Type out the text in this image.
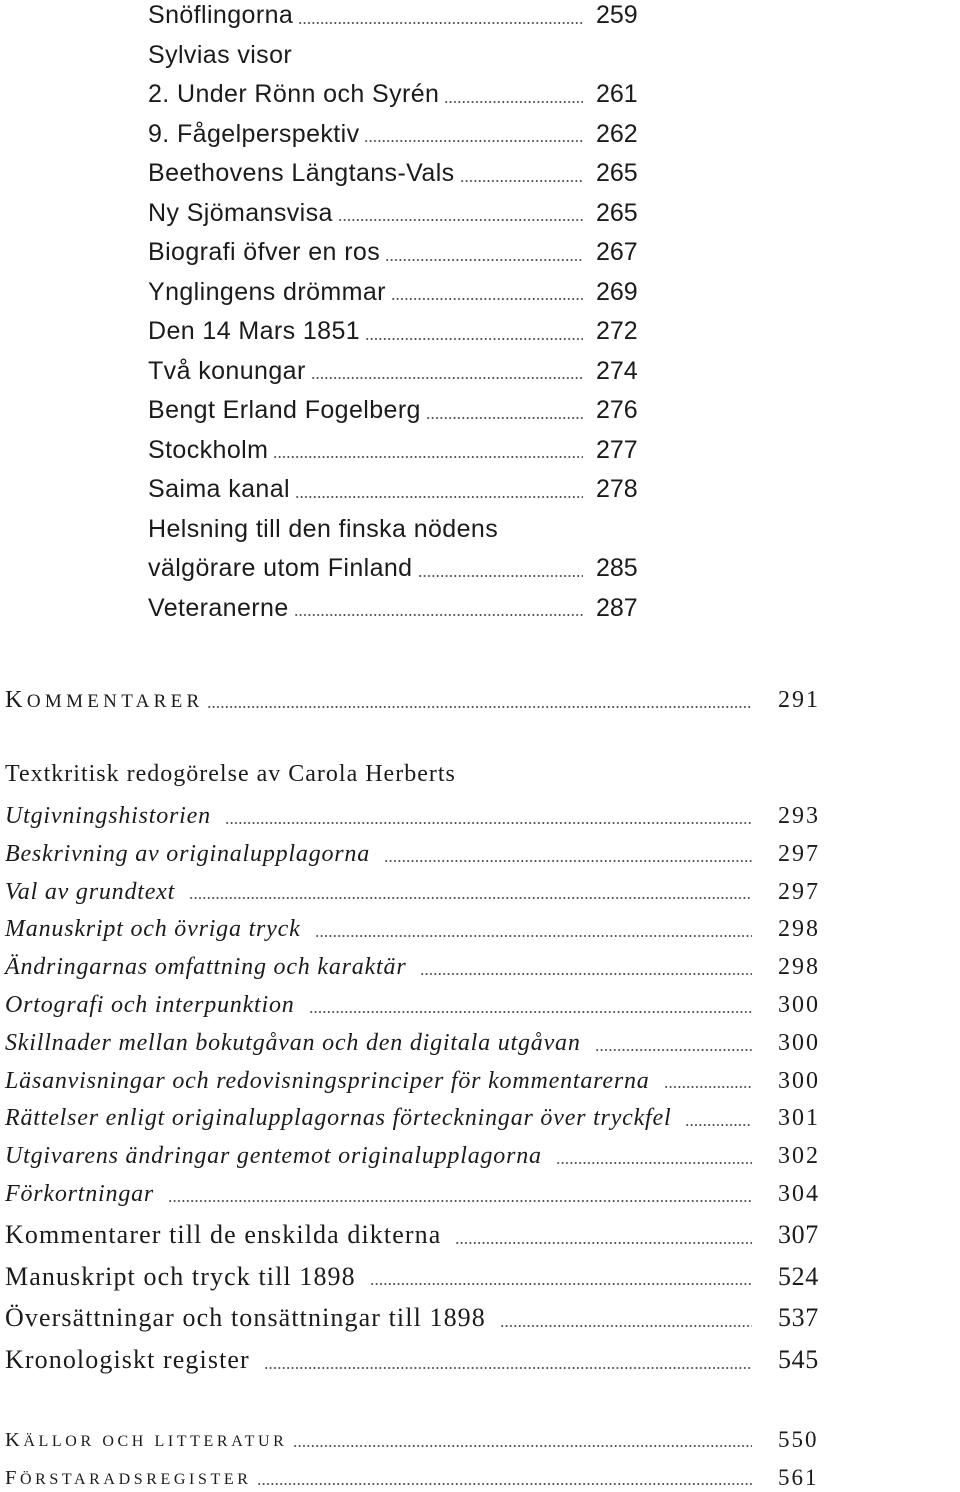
Snöflingorna	259
Sylvias visor
2. Under Rönn och Syrén	261
9. Fågelperspektiv	262
Beethovens Längtans-Vals	265
Ny Sjömansvisa	265
Biografi öfver en ros	267
Ynglingens drömmar	269
Den 14 Mars 1851	272
Två konungar	274
Bengt Erland Fogelberg	276
Stockholm	277
Saima kanal	278
Helsning till den finska nödens
välgörare utom Finland	285
Veteranerne	287
KOMMENTARER	291
Textkritisk redogörelse av Carola Herberts
Utgivningshistorien	293
Beskrivning av originalupplagorna	297
Val av grundtext	297
Manuskript och övriga tryck	298
Ändringarnas omfattning och karaktär	298
Ortografi och interpunktion	300
Skillnader mellan bokutgåvan och den digitala utgåvan	300
Läsanvisningar och redovisningsprinciper för kommentarerna	300
Rättelser enligt originalupplagornas förteckningar över tryckfel	301
Utgivarens ändringar gentemot originalupplagorna	302
Förkortningar	304
Kommentarer till de enskilda dikterna	307
Manuskript och tryck till 1898	524
Översättningar och tonsättningar till 1898	537
Kronologiskt register	545
KÄLLOR OCH LITTERATUR	550
FÖRSTARADSREGISTER	561
